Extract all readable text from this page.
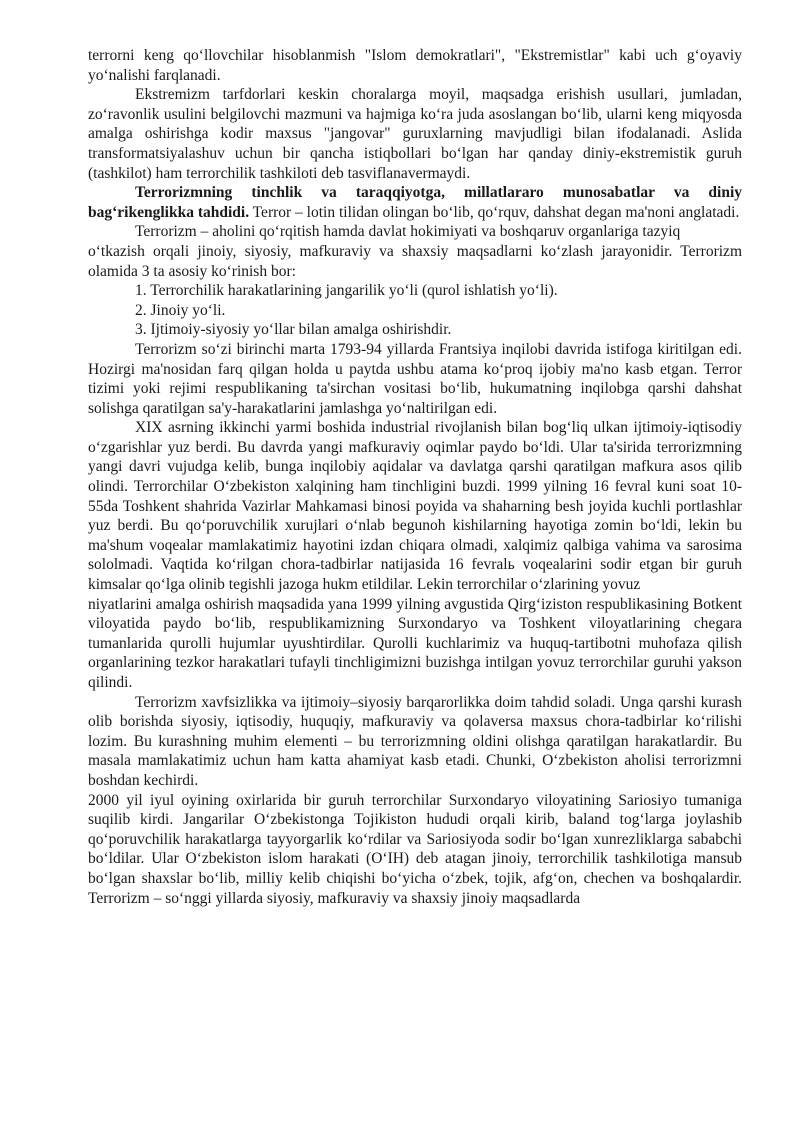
terrorni keng qo‘llovchilar hisoblanmish "Islom demokratlari", "Ekstremistlar" kabi uch g‘oyaviy yo‘nalishi farqlanadi.

Ekstremizm tarfdorlari keskin choralarga moyil, maqsadga erishish usullari, jumladan, zo‘ravonlik usulini belgilovchi mazmuni va hajmiga ko‘ra juda asoslangan bo‘lib, ularni keng miqyosda amalga oshirishga kodir maxsus "jangovar" guruxlarning mavjudligi bilan ifodalanadi. Aslida transformatsiyalashuv uchun bir qancha istiqbollari bo‘lgan har qanday diniy-ekstremistik guruh (tashkilot) ham terrorchilik tashkiloti deb tasviflanavermaydi.

Terrorizmning tinchlik va taraqqiyotga, millatlararo munosabatlar va diniy bag‘rikenglikka tahdidi. Terror – lotin tilidan olingan bo‘lib, qo‘rquv, dahshat degan ma'noni anglatadi.

Terrorizm – aholini qo‘rqitish hamda davlat hokimiyati va boshqaruv organlariga tazyiq

o‘tkazish orqali jinoiy, siyosiy, mafkuraviy va shaxsiy maqsadlarni ko‘zlash jarayonidir. Terrorizm olamida 3 ta asosiy ko‘rinish bor:

1. Terrorchilik harakatlarining jangarilik yo‘li (qurol ishlatish yo‘li).

2. Jinoiy yo‘li.

3. Ijtimoiy-siyosiy yo‘llar bilan amalga oshirishdir.

Terrorizm so‘zi birinchi marta 1793-94 yillarda Frantsiya inqilobi davrida istifoga kiritilgan edi. Hozirgi ma'nosidan farq qilgan holda u paytda ushbu atama ko‘proq ijobiy ma'no kasb etgan. Terror tizimi yoki rejimi respublikaning ta'sirchan vositasi bo‘lib, hukumatning inqilobga qarshi dahshat solishga qaratilgan sa'y-harakatlarini jamlashga yo‘naltirilgan edi.

XIX asrning ikkinchi yarmi boshida industrial rivojlanish bilan bog‘liq ulkan ijtimoiy-iqtisodiy o‘zgarishlar yuz berdi. Bu davrda yangi mafkuraviy oqimlar paydo bo‘ldi. Ular ta'sirida terrorizmning yangi davri vujudga kelib, bunga inqilobiy aqidalar va davlatga qarshi qaratilgan mafkura asos qilib olindi. Terrorchilar O‘zbekiston xalqining ham tinchligini buzdi. 1999 yilning 16 fevral kuni soat 10-55da Toshkent shahrida Vazirlar Mahkamasi binosi poyida va shaharning besh joyida kuchli portlashlar yuz berdi. Bu qo‘poruvchilik xurujlari o‘nlab begunoh kishilarning hayotiga zomin bo‘ldi, lekin bu ma'shum voqealar mamlakatimiz hayotini izdan chiqara olmadi, xalqimiz qalbiga vahima va sarosima sololmadi. Vaqtida ko‘rilgan chora-tadbirlar natijasida 16 fevralь voqealarini sodir etgan bir guruh kimsalar qo‘lga olinib tegishli jazoga hukm etildilar. Lekin terrorchilar o‘zlarining yovuz

niyatlarini amalga oshirish maqsadida yana 1999 yilning avgustida Qirg‘iziston respublikasining Botkent viloyatida paydo bo‘lib, respublikamizning Surxondaryo va Toshkent viloyatlarining chegara tumanlarida qurolli hujumlar uyushtirdilar. Qurolli kuchlarimiz va huquq-tartibotni muhofaza qilish organlarining tezkor harakatlari tufayli tinchligimizni buzishga intilgan yovuz terrorchilar guruhi yakson qilindi.

Terrorizm xavfsizlikka va ijtimoiy–siyosiy barqarorlikka doim tahdid soladi. Unga qarshi kurash olib borishda siyosiy, iqtisodiy, huquqiy, mafkuraviy va qolaversa maxsus chora-tadbirlar ko‘rilishi lozim. Bu kurashning muhim elementi – bu terrorizmning oldini olishga qaratilgan harakatlardir. Bu masala mamlakatimiz uchun ham katta ahamiyat kasb etadi. Chunki, O‘zbekiston aholisi terrorizmni boshdan kechirdi.

2000 yil iyul oyining oxirlarida bir guruh terrorchilar Surxondaryo viloyatining Sariosiyo tumaniga suqilib kirdi. Jangarilar O‘zbekistonga Tojikiston hududi orqali kirib, baland tog‘larga joylashib qo‘poruvchilik harakatlarga tayyorgarlik ko‘rdilar va Sariosiyoda sodir bo‘lgan xunrezliklarga sababchi bo‘ldilar. Ular O‘zbekiston islom harakati (O‘IH) deb atagan jinoiy, terrorchilik tashkilotiga mansub bo‘lgan shaxslar bo‘lib, milliy kelib chiqishi bo‘yicha o‘zbek, tojik, afg‘on, chechen va boshqalardir. Terrorizm – so‘nggi yillarda siyosiy, mafkuraviy va shaxsiy jinoiy maqsadlarda
